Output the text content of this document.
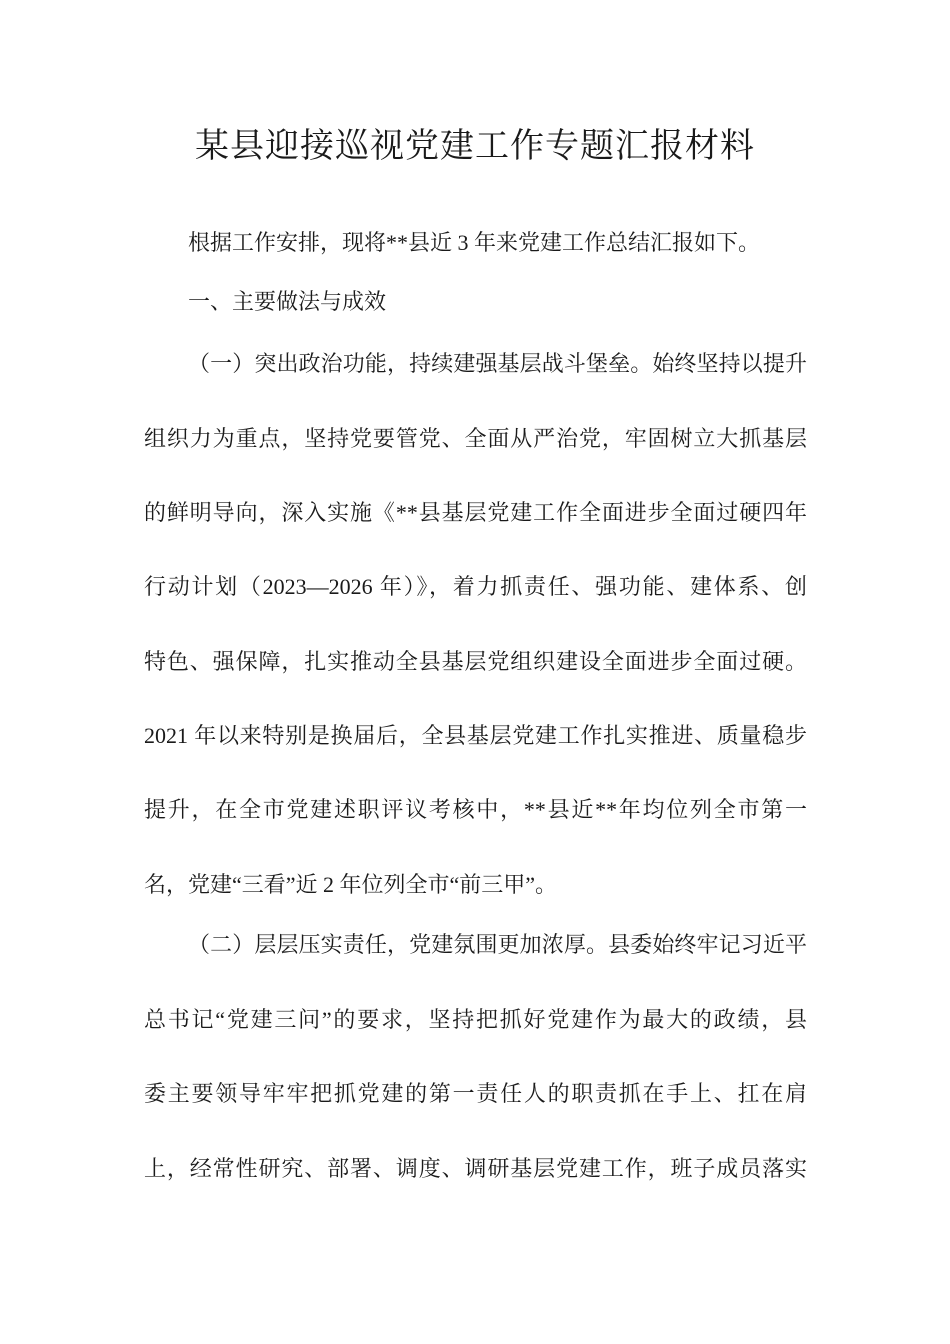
某县迎接巡视党建工作专题汇报材料
根据工作安排，现将**县近 3 年来党建工作总结汇报如下。
一、主要做法与成效
（一）突出政治功能，持续建强基层战斗堡垒。始终坚持以提升
组织力为重点，坚持党要管党、全面从严治党，牢固树立大抓基层
的鲜明导向，深入实施《**县基层党建工作全面进步全面过硬四年
行动计划（2023—2026 年）》，着力抓责任、强功能、建体系、创
特色、强保障，扎实推动全县基层党组织建设全面进步全面过硬。
2021 年以来特别是换届后，全县基层党建工作扎实推进、质量稳步
提升，在全市党建述职评议考核中，**县近**年均位列全市第一
名，党建“三看”近 2 年位列全市“前三甲”。
（二）层层压实责任，党建氛围更加浓厚。县委始终牢记习近平
总书记“党建三问”的要求，坚持把抓好党建作为最大的政绩，县
委主要领导牢牢把抓党建的第一责任人的职责抓在手上、扛在肩
上，经常性研究、部署、调度、调研基层党建工作，班子成员落实
